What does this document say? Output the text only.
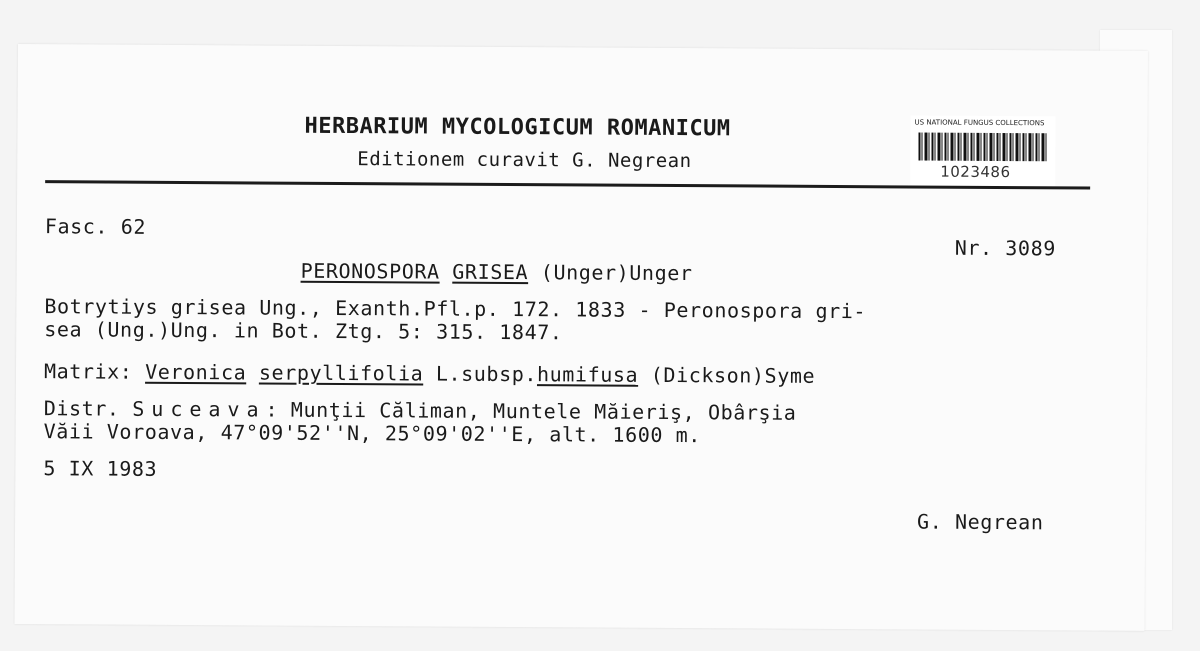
HERBARIUM MYCOLOGICUM ROMANICUM
Editionem curavit G. Negrean
US NATIONAL FUNGUS COLLECTIONS
1023486
Fasc. 62
Nr. 3089
PERONOSPORA GRISEA (Unger)Unger
Botrytiys grisea Ung., Exanth.Pfl.p. 172. 1833 - Peronospora gri-
sea (Ung.)Ung. in Bot. Ztg. 5: 315. 1847.
Matrix: Veronica serpyllifolia L.subsp.humifusa (Dickson)Syme
Distr. Suceava: Munţii Căliman, Muntele Măieriş, Obârşia
Văii Voroava, 47°09'52''N, 25°09'02''E, alt. 1600 m.
5 IX 1983
G. Negrean
